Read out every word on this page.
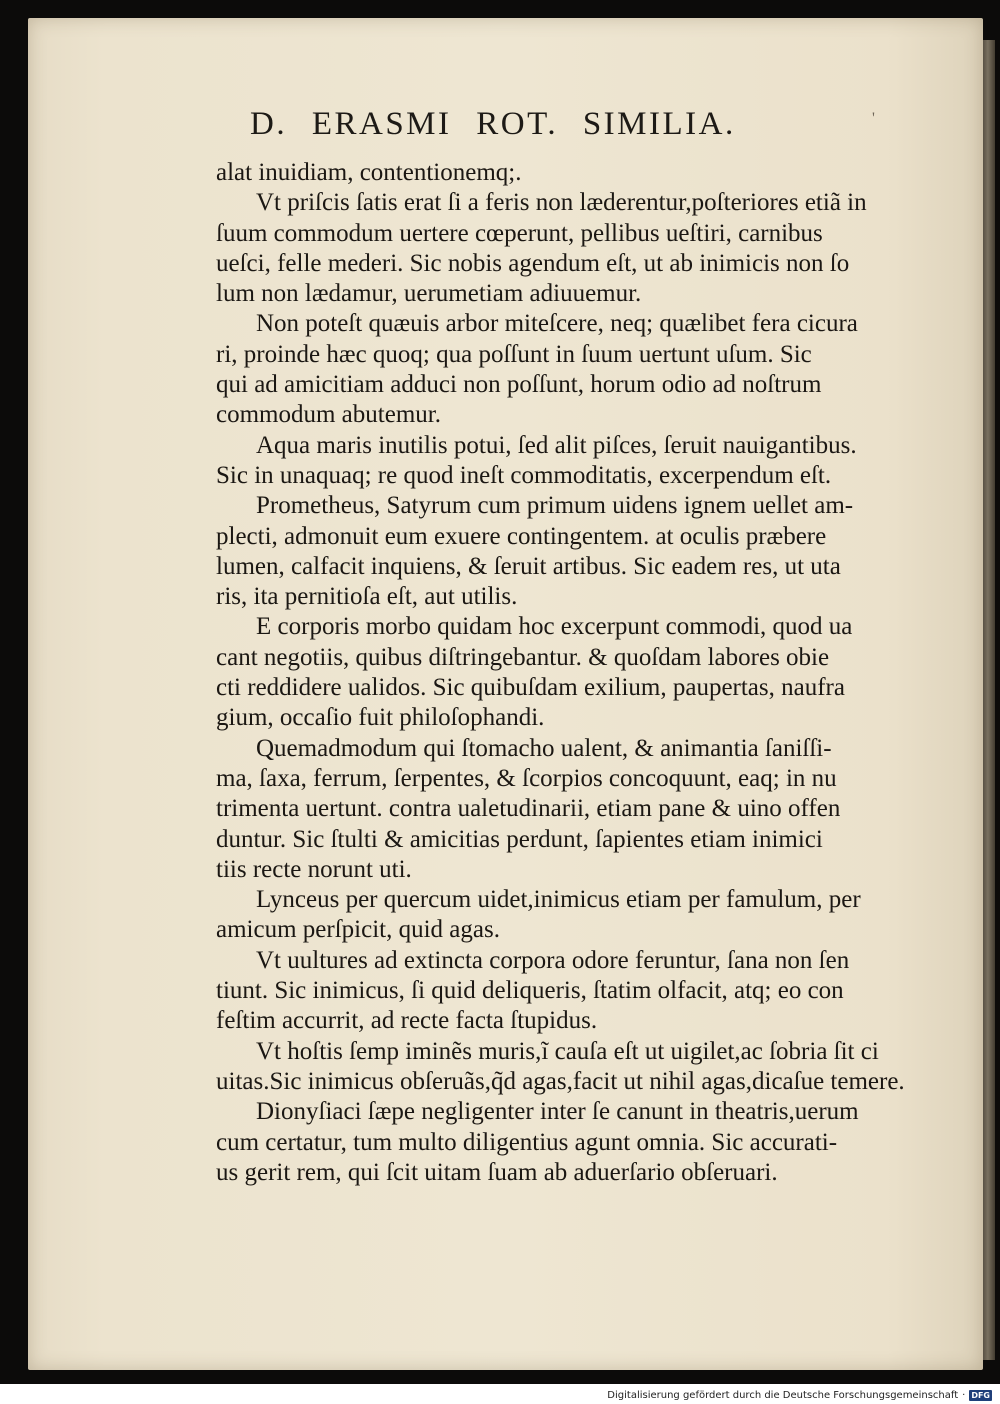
D. ERASMI ROT. SIMILIA.	'
alat inuidiam, contentionemq;.
Vt priſcis ſatis erat ſi a feris non læderentur,poſteriores etiã in
ſuum commodum uertere cœperunt, pellibus ueſtiri, carnibus
ueſci, felle mederi. Sic nobis agendum eſt, ut ab inimicis non ſo
lum non lædamur, uerumetiam adiuuemur.
Non poteſt quæuis arbor miteſcere, neq; quælibet fera cicura
ri, proinde hæc quoq; qua poſſunt in ſuum uertunt uſum. Sic
qui ad amicitiam adduci non poſſunt, horum odio ad noſtrum
commodum abutemur.
Aqua maris inutilis potui, ſed alit piſces, ſeruit nauigantibus.
Sic in unaquaq; re quod ineſt commoditatis, excerpendum eſt.
Prometheus, Satyrum cum primum uidens ignem uellet am-
plecti, admonuit eum exuere contingentem. at oculis præbere
lumen, calfacit inquiens, & ſeruit artibus. Sic eadem res, ut uta
ris, ita pernitioſa eſt, aut utilis.
E corporis morbo quidam hoc excerpunt commodi, quod ua
cant negotiis, quibus diſtringebantur. & quoſdam labores obie
cti reddidere ualidos. Sic quibuſdam exilium, paupertas, naufra
gium, occaſio fuit philoſophandi.
Quemadmodum qui ſtomacho ualent, & animantia ſaniſſi-
ma, ſaxa, ferrum, ſerpentes, & ſcorpios concoquunt, eaq; in nu
trimenta uertunt. contra ualetudinarii, etiam pane & uino offen
duntur. Sic ſtulti & amicitias perdunt, ſapientes etiam inimici
tiis recte norunt uti.
Lynceus per quercum uidet,inimicus etiam per famulum, per
amicum perſpicit, quid agas.
Vt uultures ad extincta corpora odore feruntur, ſana non ſen
tiunt. Sic inimicus, ſi quid deliqueris, ſtatim olfacit, atq; eo con
feſtim accurrit, ad recte facta ſtupidus.
Vt hoſtis ſemp iminẽs muris,ĩ cauſa eſt ut uigilet,ac ſobria ſit ci
uitas.Sic inimicus obſeruãs,q̃d agas,facit ut nihil agas,dicaſue temere.
Dionyſiaci ſæpe negligenter inter ſe canunt in theatris,uerum
cum certatur, tum multo diligentius agunt omnia. Sic accurati-
us gerit rem, qui ſcit uitam ſuam ab aduerſario obſeruari.
Digitalisierung gefördert durch die Deutsche Forschungsgemeinschaft · DFG
